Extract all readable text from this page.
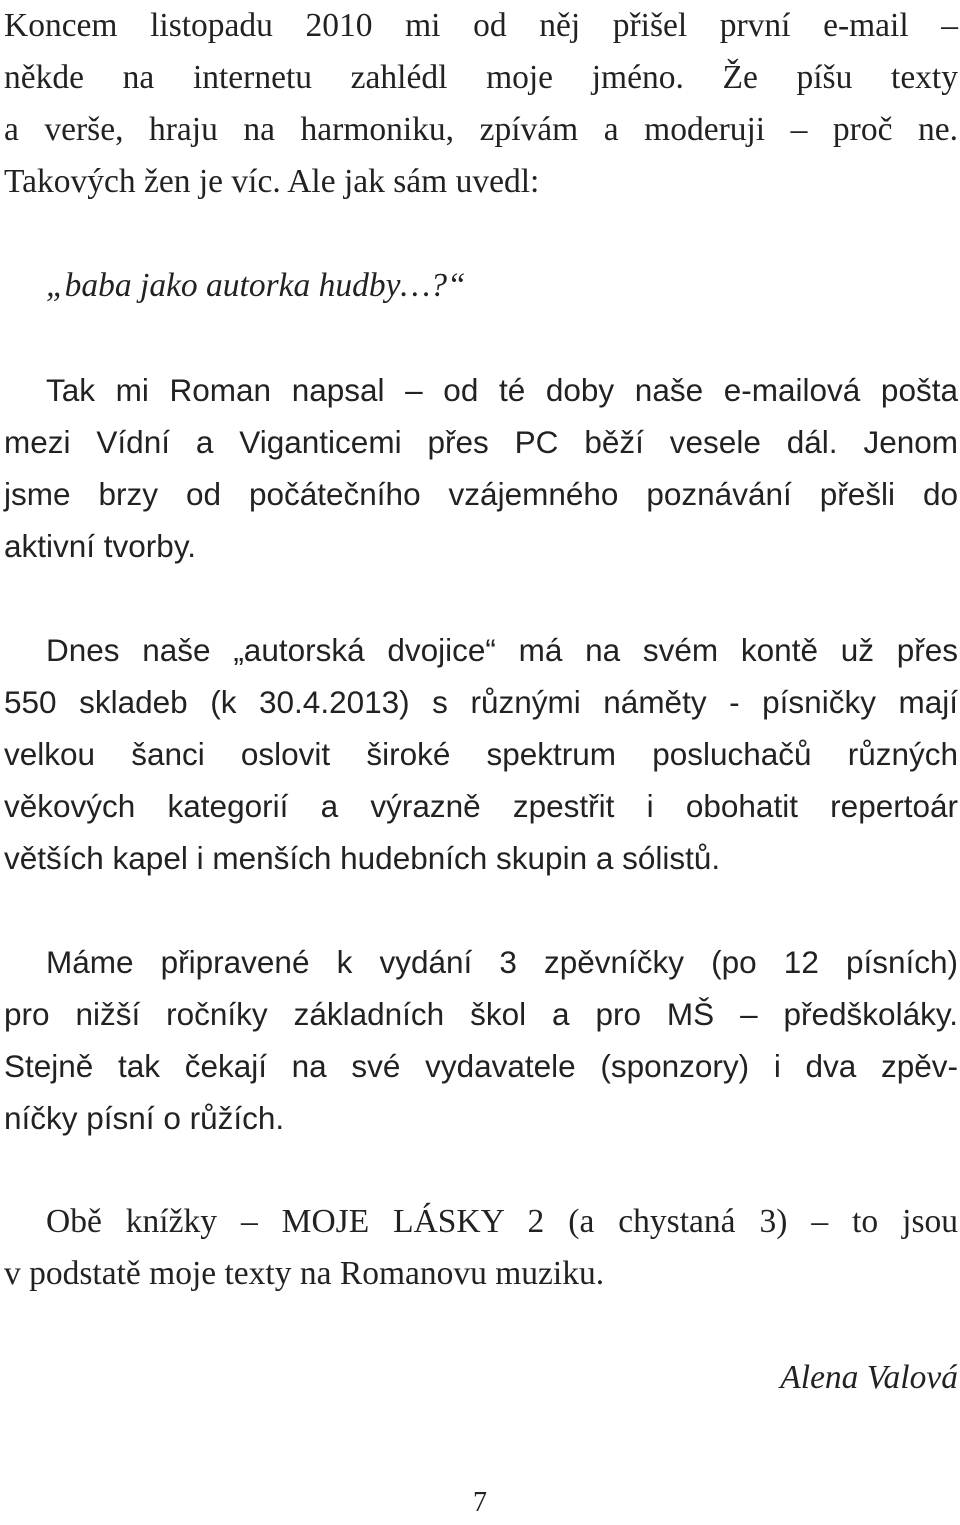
Koncem listopadu 2010 mi od něj přišel první e-mail –
někde na internetu zahlédl moje jméno. Že píšu texty
a verše, hraju na harmoniku, zpívám a moderuji – proč ne.
Takových žen je víc. Ale jak sám uvedl:
„baba jako autorka hudby…?“
Tak mi Roman napsal – od té doby naše e-mailová pošta
mezi Vídní a Viganticemi přes PC běží vesele dál. Jenom
jsme brzy od počátečního vzájemného poznávání přešli do
aktivní tvorby.
Dnes naše „autorská dvojice“ má na svém kontě už přes
550 skladeb (k 30.4.2013) s různými náměty - písničky mají
velkou šanci oslovit široké spektrum posluchačů různých
věkových kategorií a výrazně zpestřit i obohatit repertoár
větších kapel i menších hudebních skupin a sólistů.
Máme připravené k vydání 3 zpěvníčky (po 12 písních)
pro nižší ročníky základních škol a pro MŠ – předškoláky.
Stejně tak čekají na své vydavatele (sponzory) i dva zpěv-
níčky písní o růžích.
Obě knížky – MOJE LÁSKY 2 (a chystaná 3) – to jsou
v podstatě moje texty na Romanovu muziku.
Alena Valová
7
